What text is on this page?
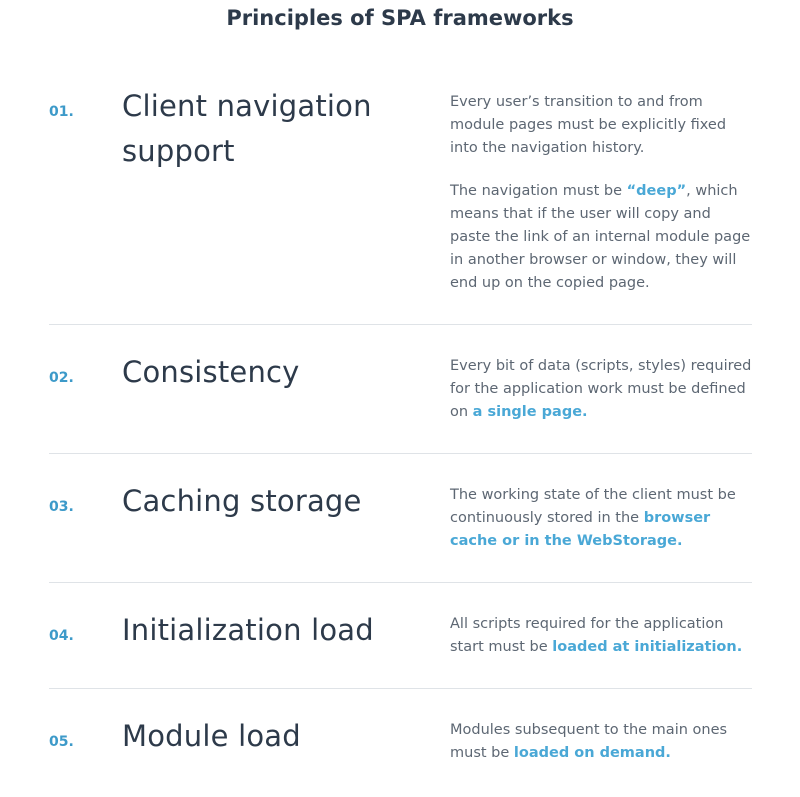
Principles of SPA frameworks
01. Client navigation support

Every user’s transition to and from module pages must be explicitly fixed into the navigation history.

The navigation must be “deep”, which means that if the user will copy and paste the link of an internal module page in another browser or window, they will end up on the copied page.

02. Consistency	Every bit of data (scripts, styles) required for the application work must be defined on a single page.

03. Caching storage	The working state of the client must be continuously stored in the browser cache or in the WebStorage.

04. Initialization load	All scripts required for the application start must be loaded at initialization.

05. Module load	Modules subsequent to the main ones must be loaded on demand.
